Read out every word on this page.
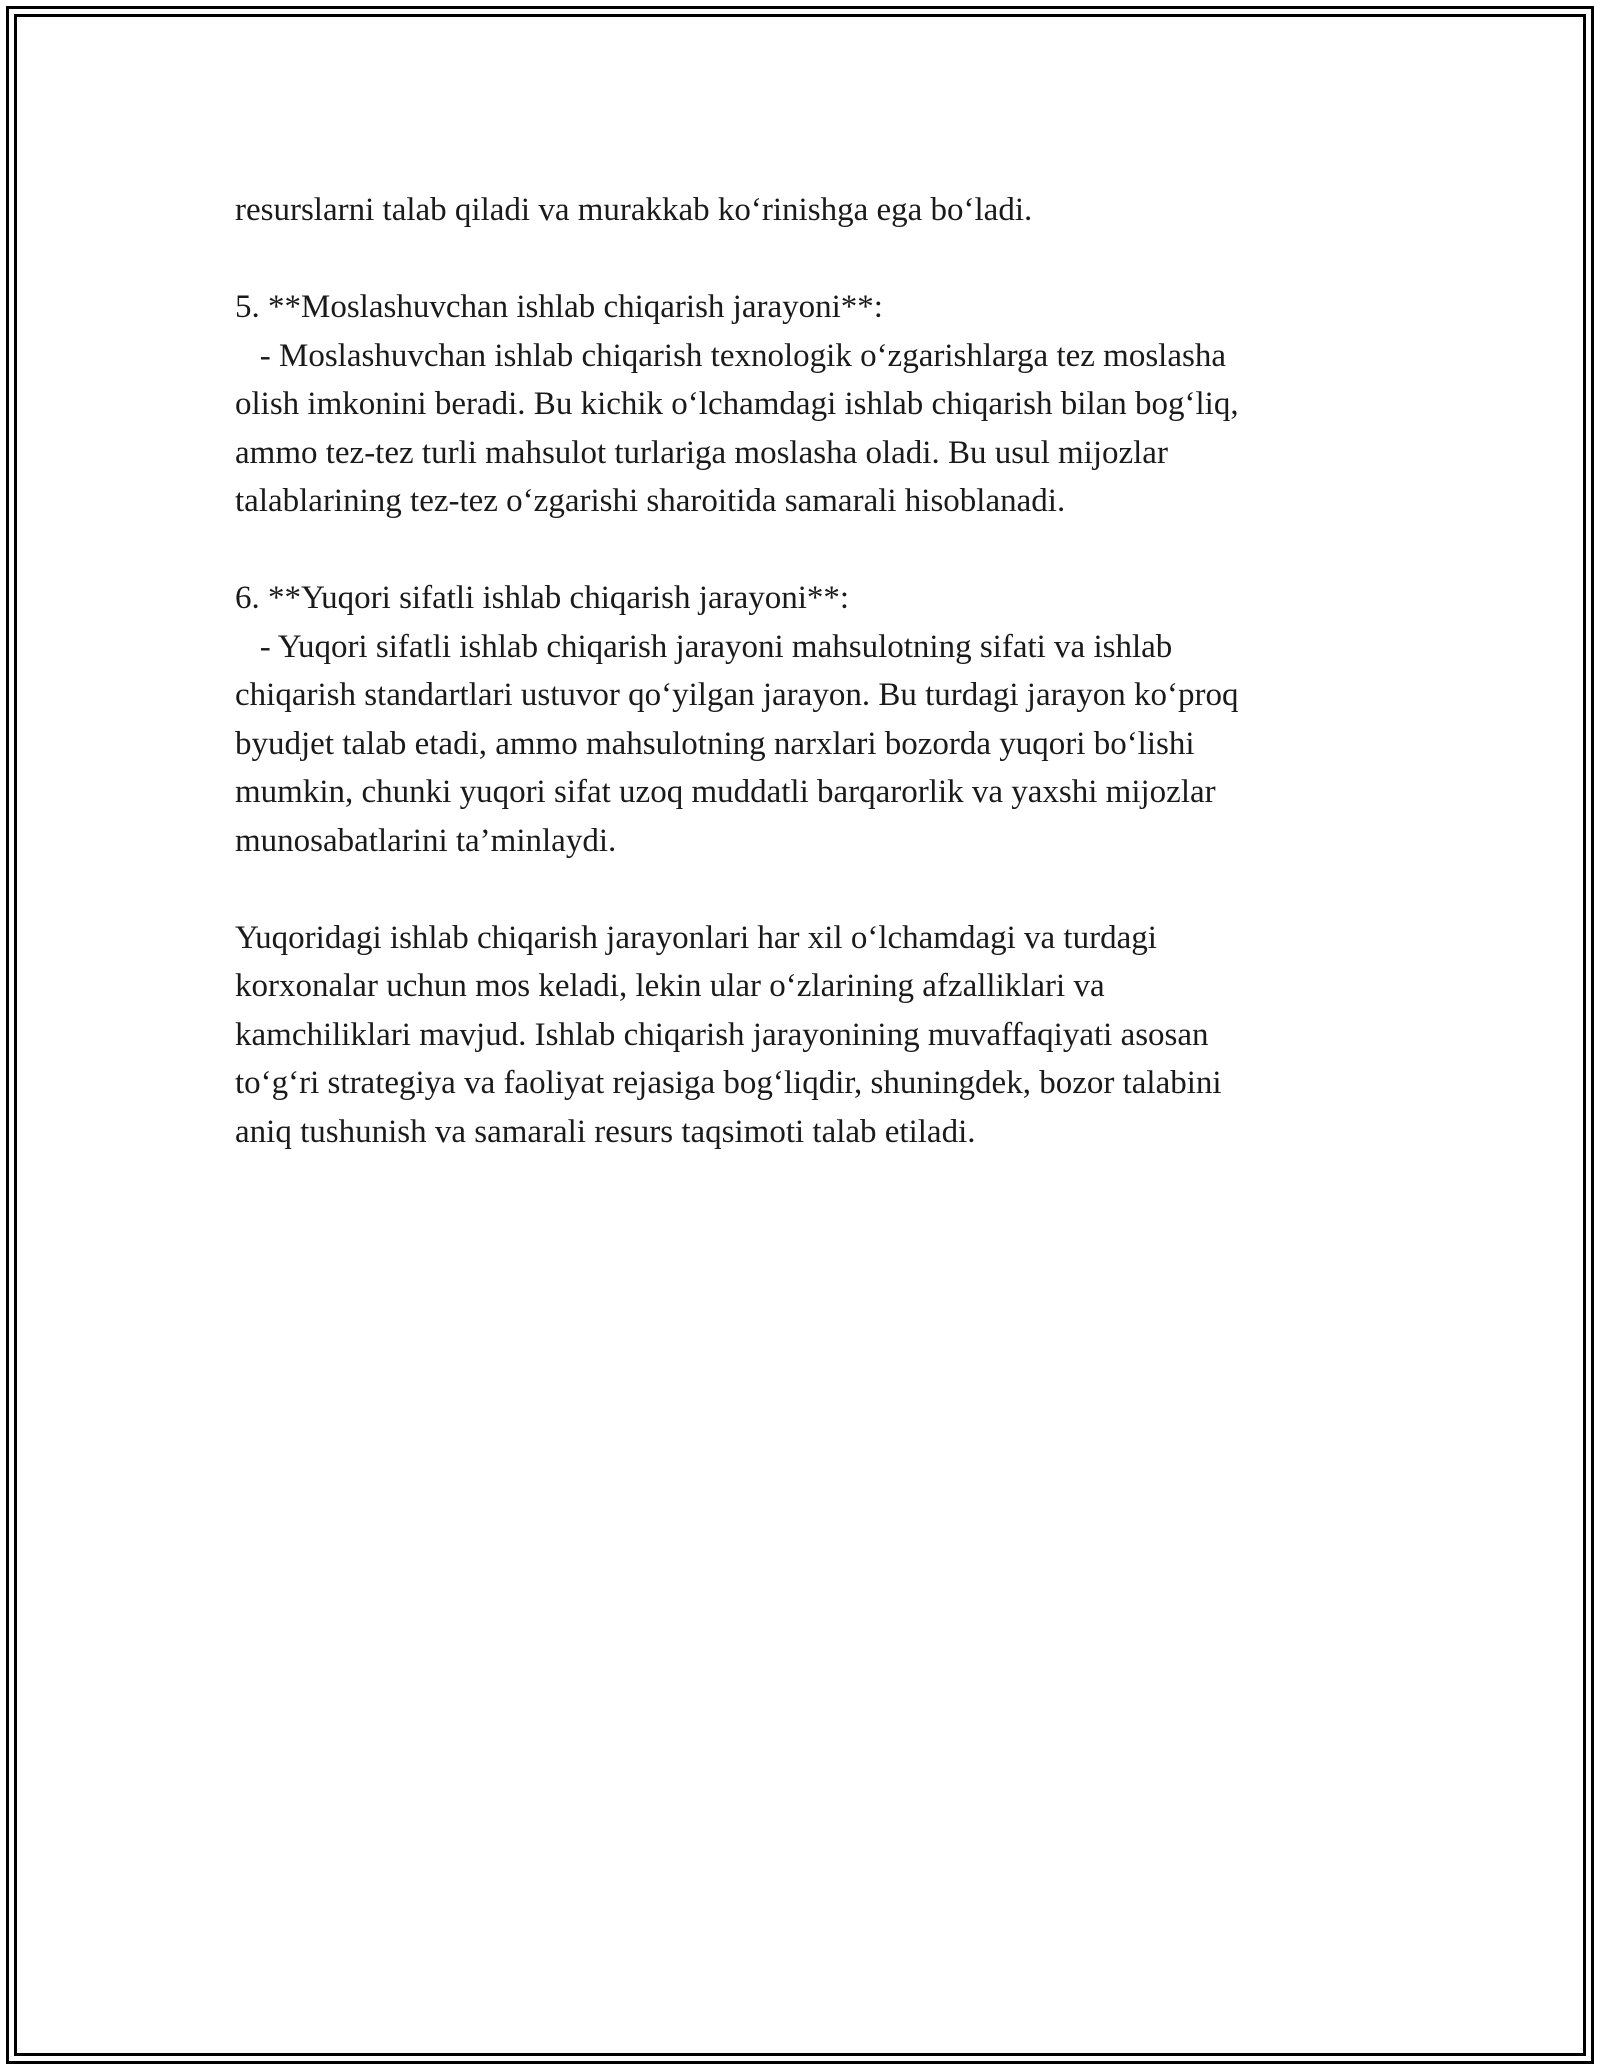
resurslarni talab qiladi va murakkab ko‘rinishga ega bo‘ladi.
5. **Moslashuvchan ishlab chiqarish jarayoni**:
- Moslashuvchan ishlab chiqarish texnologik o‘zgarishlarga tez moslasha
olish imkonini beradi. Bu kichik o‘lchamdagi ishlab chiqarish bilan bog‘liq,
ammo tez-tez turli mahsulot turlariga moslasha oladi. Bu usul mijozlar
talablarining tez-tez o‘zgarishi sharoitida samarali hisoblanadi.
6. **Yuqori sifatli ishlab chiqarish jarayoni**:
- Yuqori sifatli ishlab chiqarish jarayoni mahsulotning sifati va ishlab
chiqarish standartlari ustuvor qo‘yilgan jarayon. Bu turdagi jarayon ko‘proq
byudjet talab etadi, ammo mahsulotning narxlari bozorda yuqori bo‘lishi
mumkin, chunki yuqori sifat uzoq muddatli barqarorlik va yaxshi mijozlar
munosabatlarini ta’minlaydi.
Yuqoridagi ishlab chiqarish jarayonlari har xil o‘lchamdagi va turdagi
korxonalar uchun mos keladi, lekin ular o‘zlarining afzalliklari va
kamchiliklari mavjud. Ishlab chiqarish jarayonining muvaffaqiyati asosan
to‘g‘ri strategiya va faoliyat rejasiga bog‘liqdir, shuningdek, bozor talabini
aniq tushunish va samarali resurs taqsimoti talab etiladi.
